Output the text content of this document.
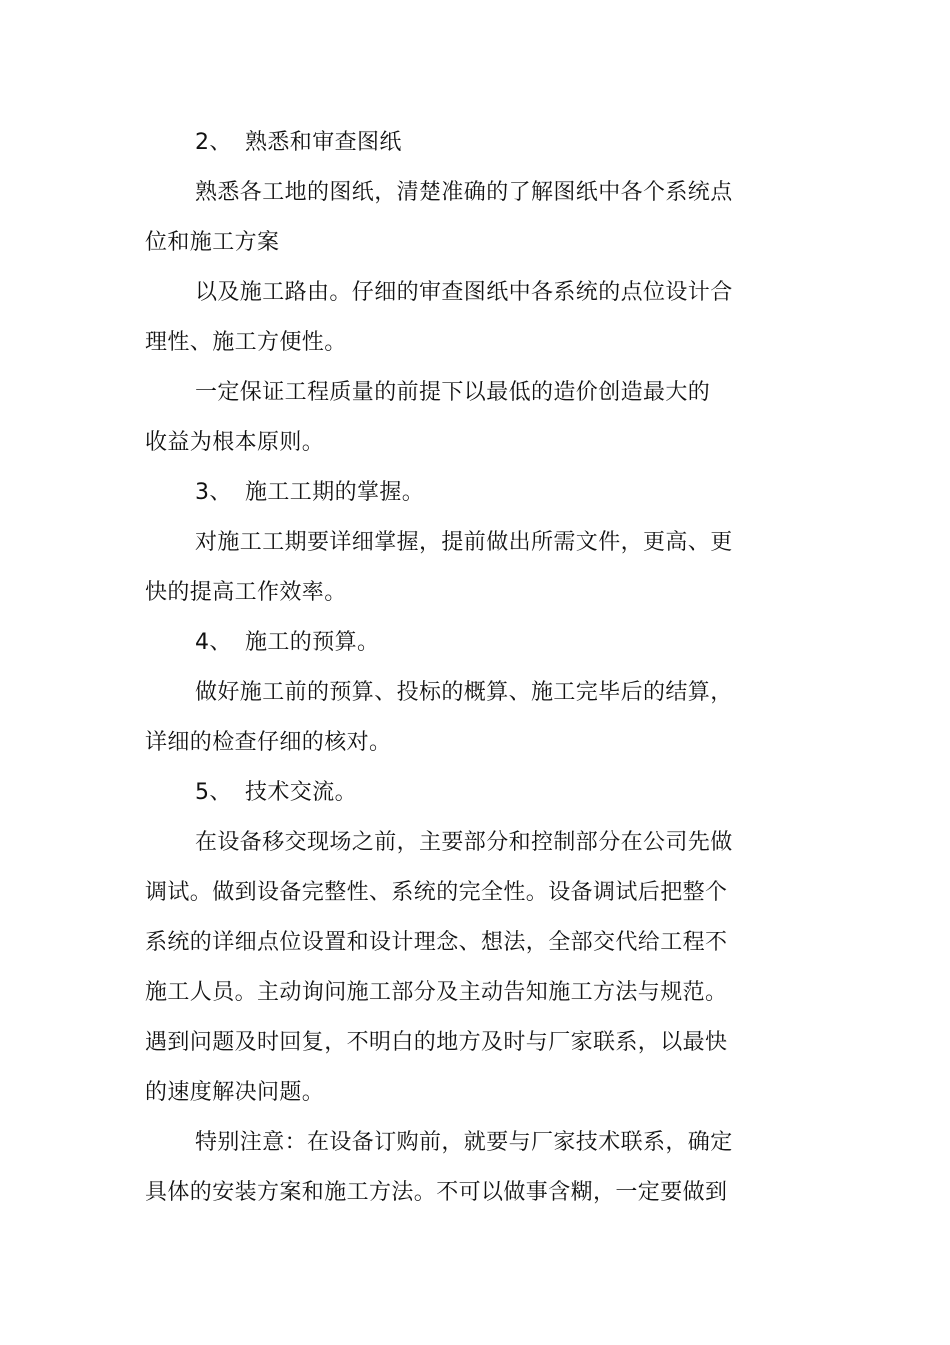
2、 熟悉和审查图纸
熟悉各工地的图纸，清楚准确的了解图纸中各个系统点
位和施工方案
以及施工路由。仔细的审查图纸中各系统的点位设计合
理性、施工方便性。
一定保证工程质量的前提下以最低的造价创造最大的
收益为根本原则。
3、 施工工期的掌握。
对施工工期要详细掌握，提前做出所需文件，更高、更
快的提高工作效率。
4、 施工的预算。
做好施工前的预算、投标的概算、施工完毕后的结算，
详细的检查仔细的核对。
5、 技术交流。
在设备移交现场之前，主要部分和控制部分在公司先做
调试。做到设备完整性、系统的完全性。设备调试后把整个
系统的详细点位设置和设计理念、想法，全部交代给工程不
施工人员。主动询问施工部分及主动告知施工方法与规范。
遇到问题及时回复，不明白的地方及时与厂家联系，以最快
的速度解决问题。
特别注意：在设备订购前，就要与厂家技术联系，确定
具体的安装方案和施工方法。不可以做事含糊，一定要做到
